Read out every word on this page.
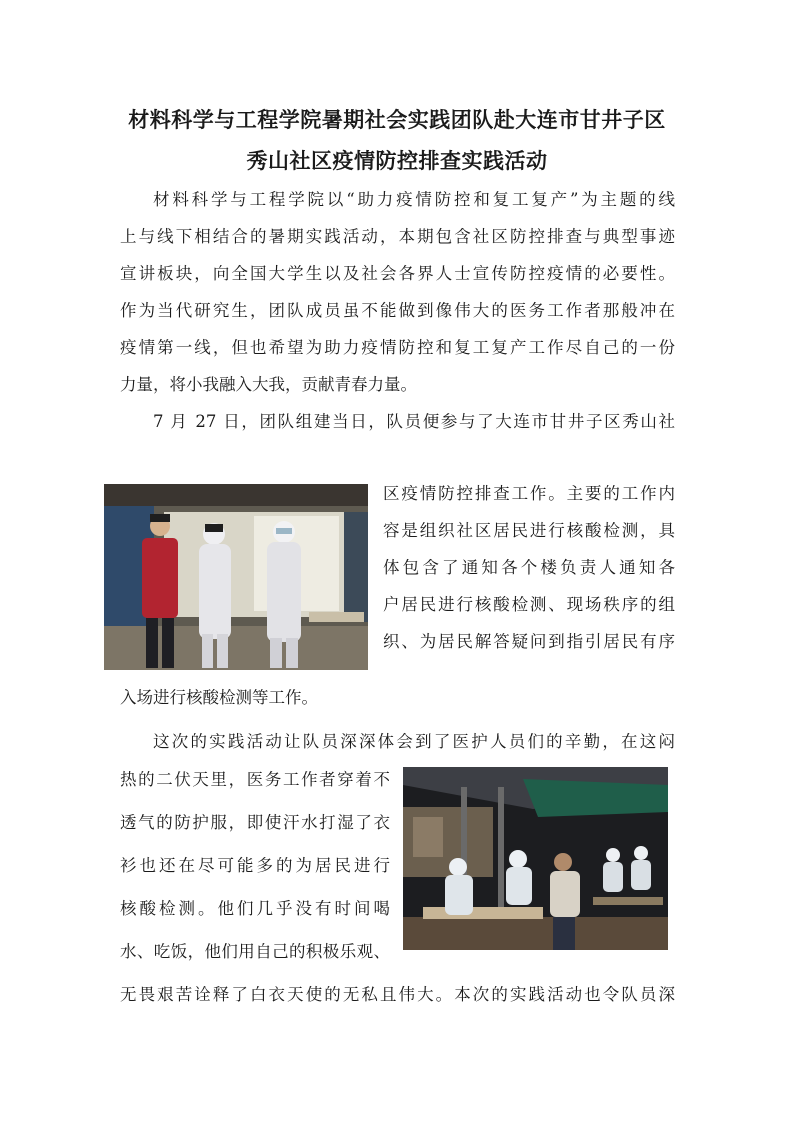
材料科学与工程学院暑期社会实践团队赴大连市甘井子区
秀山社区疫情防控排查实践活动
材料科学与工程学院以“助力疫情防控和复工复产”为主题的线
上与线下相结合的暑期实践活动，本期包含社区防控排查与典型事迹
宣讲板块，向全国大学生以及社会各界人士宣传防控疫情的必要性。
作为当代研究生，团队成员虽不能做到像伟大的医务工作者那般冲在
疫情第一线，但也希望为助力疫情防控和复工复产工作尽自己的一份
力量，将小我融入大我，贡献青春力量。
7 月 27 日，团队组建当日，队员便参与了大连市甘井子区秀山社
区疫情防控排查工作。主要的工作内
容是组织社区居民进行核酸检测，具
体包含了通知各个楼负责人通知各
户居民进行核酸检测、现场秩序的组
织、为居民解答疑问到指引居民有序
入场进行核酸检测等工作。
这次的实践活动让队员深深体会到了医护人员们的辛勤，在这闷
热的二伏天里，医务工作者穿着不
透气的防护服，即使汗水打湿了衣
衫也还在尽可能多的为居民进行
核酸检测。他们几乎没有时间喝
水、吃饭，他们用自己的积极乐观、
无畏艰苦诠释了白衣天使的无私且伟大。本次的实践活动也令队员深
